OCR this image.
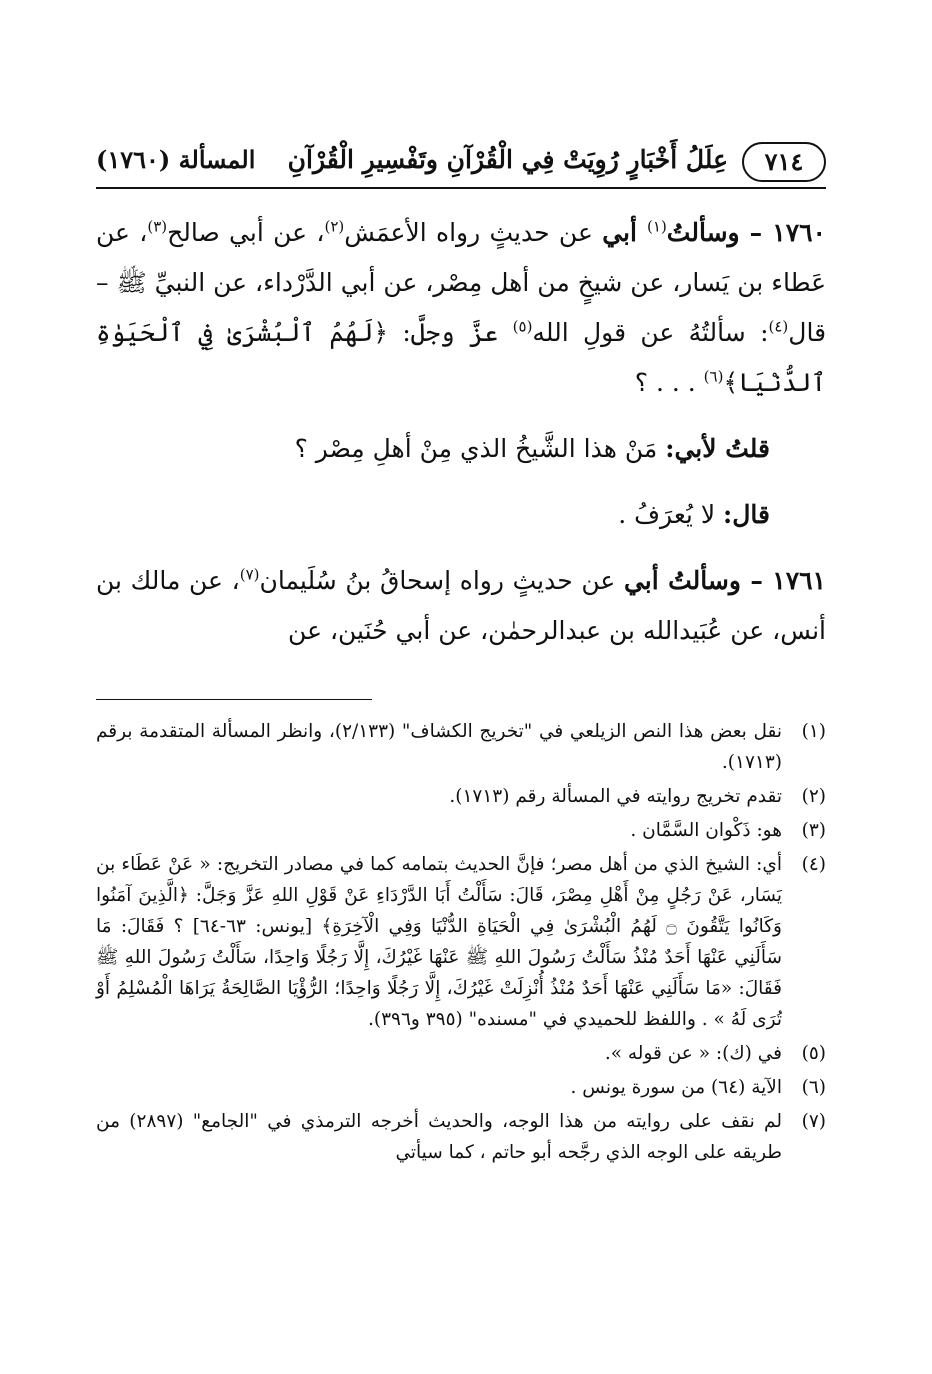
٧١٤
عِلَلُ أَخْبَارٍ رُوِيَتْ فِي الْقُرْآنِ وتَفْسِيرِ الْقُرْآنِ
المسألة (١٧٦٠)

١٧٦٠ – وسألتُ$^{(١)}$ أبي عن حديثٍ رواه الأعمَش$^{(٢)}$، عن أبي صالح$^{(٣)}$، عن عَطاء بن يَسار، عن شيخٍ من أهل مِصْر، عن أبي الدَّرْداء، عن النبيِّ ﷺ – قال$^{(٤)}$: سألتُهُ عن قولِ الله$^{(٥)}$ عزَّ وجلَّ: ﴿لَهُمُ ٱلْبُشْرَىٰ فِي ٱلْحَيَوٰةِ ٱلدُّنْيَا﴾$^{(٦)}$ . . . ؟

قلتُ لأبي: مَنْ هذا الشَّيخُ الذي مِنْ أهلِ مِصْر ؟

قال: لا يُعرَفُ .

١٧٦١ – وسألتُ أبي عن حديثٍ رواه إسحاقُ بنُ سُلَيمان$^{(٧)}$، عن مالك بن أنس، عن عُبَيدالله بن عبدالرحمٰن، عن أبي حُنَين، عن

(١)
نقل بعض هذا النص الزيلعي في "تخريج الكشاف" (٢/١٣٣)، وانظر المسألة المتقدمة برقم (١٧١٣).
(٢)
تقدم تخريج روايته في المسألة رقم (١٧١٣).
(٣)
هو: ذَكْوان السَّمَّان .
(٤)
أي: الشيخ الذي من أهل مصر؛ فإنَّ الحديث بتمامه كما في مصادر التخريج: « عَنْ عَطَاء بن يَسَار، عَنْ رَجُلٍ مِنْ أَهْلِ مِصْرَ، قَالَ: سَأَلْتُ أَبَا الدَّرْدَاءِ عَنْ قَوْلِ اللهِ عَزَّ وَجَلَّ: ﴿الَّذِينَ آمَنُوا وَكَانُوا يَتَّقُونَ ۝ لَهُمُ الْبُشْرَىٰ فِي الْحَيَاةِ الدُّنْيَا وَفِي الْآخِرَةِ﴾ [يونس: ٦٣-٦٤] ؟ فَقَالَ: مَا سَأَلَنِي عَنْهَا أَحَدٌ مُنْذُ سَأَلْتُ رَسُولَ اللهِ ﷺ عَنْهَا غَيْرُكَ، إِلَّا رَجُلًا وَاحِدًا، سَأَلْتُ رَسُولَ اللهِ ﷺ فَقَالَ: «مَا سَأَلَنِي عَنْهَا أَحَدٌ مُنْذُ أُنْزِلَتْ غَيْرُكَ، إِلَّا رَجُلًا وَاحِدًا؛ الرُّؤْيَا الصَّالِحَةُ يَرَاهَا الْمُسْلِمُ أَوْ تُرَى لَهُ » . واللفظ للحميدي في "مسنده" (٣٩٥ و٣٩٦).
(٥)
في (ك): « عن قوله ».
(٦)
الآية (٦٤) من سورة يونس .
(٧)
لم نقف على روايته من هذا الوجه، والحديث أخرجه الترمذي في "الجامع" (٢٨٩٧) من طريقه على الوجه الذي رجَّحه أبو حاتم ، كما سيأتي
